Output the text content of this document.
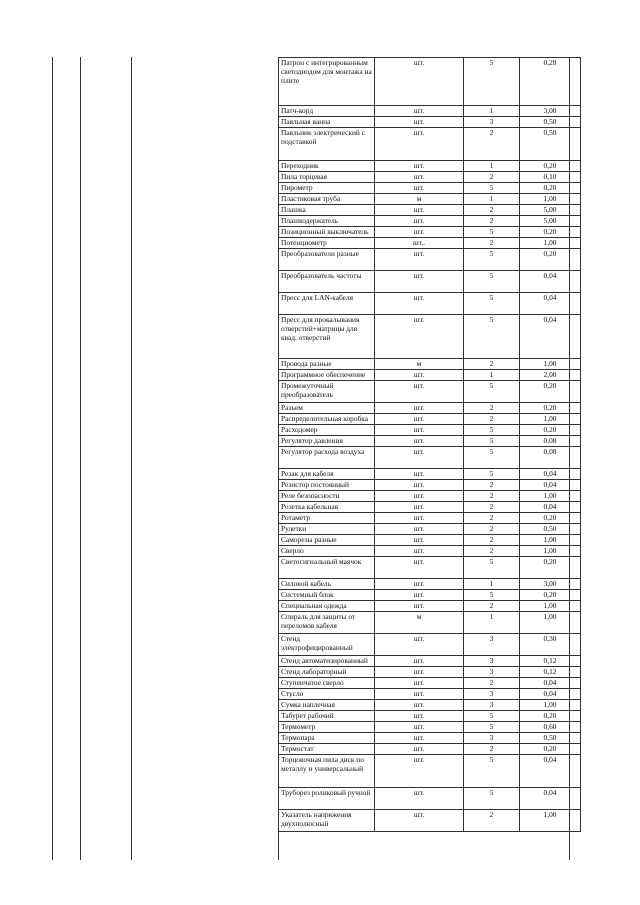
Патрон с интегрированным светодиодом для монтажа на плите	шт.	5	0,28
Патч-корд	шт.	1	3,00
Паяльная ванна	шт.	3	0,50
Паяльник электрический с подставкой	шт.	2	0,50
Переходник	шт.	1	0,20
Пила торцевая	шт.	2	0,10
Пирометр	шт.	5	0,20
Пластиковая труба	м	1	1,00
Плашка	шт.	2	5,00
Плашкодержатель	шт.	2	5,00
Позиционный выключатель	шт.	5	0,20
Потенциометр	шт..	2	1,00
Преобразователи разные	шт.	5	0,20
Преобразователь частоты	шт.	5	0,04
Пресс для LAN-кабеля	шт.	5	0,04
Пресс для прокалывания отверстий+матрицы для квад. отверстий	шт.	5	0,04
Провода разные	м	2	1,00
Программное обеспечение	шт.	1	2,00
Промежуточный преобразователь	шт.	5	0,20
Разъем	шт.	2	0,20
Распределительная коробка	шт.	2	1,00
Расходомер	шт.	5	0,20
Регулятор давления	шт.	5	0,08
Регулятор расхода воздуха	шт.	5	0,08
Резак для кабеля	шт.	5	0,04
Резистор постоянный	шт.	2	0,04
Реле безопасности	шт.	2	1,00
Розетка кабельная	шт.	2	0,04
Ротаметр	шт.	2	0,20
Рулетки	шт.	2	0,50
Саморезы разные	шт.	2	1,00
Сверло	шт.	2	1,00
Светосигнальный маячок	шт.	5	0,20
Силовой кабель	шт.	1	3,00
Системный блок	шт.	5	0,20
Специальная одежда	шт.	2	1,00
Спираль для защиты от переломов кабеля	м	1	1,00
Стенд электрофицированный	шт.	3	0,30
Стенд автоматизированный	шт.	3	0,12
Стенд лабораторный	шт.	3	0,12
Ступенчатое сверло	шт.	2	0,04
Стусло	шт.	3	0,04
Сумка наплечная	шт.	3	1,00
Табурет рабочий	шт.	5	0,20
Термометр	шт.	5	0,60
Термопара	шт.	3	0,50
Термостат	шт.	2	0,20
Торцовочная пила диск по металлу и универсальный	шт.	5	0,04
Труборез роликовый ручной	шт.	5	0,04
Указатель напряжения двухполюсный	шт.	2	1,00
